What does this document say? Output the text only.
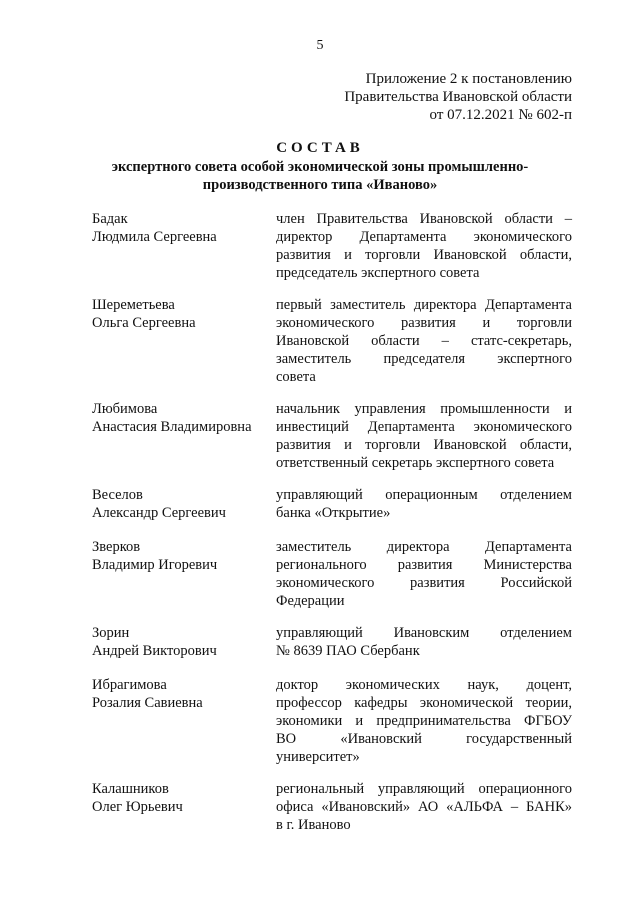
5
Приложение 2 к постановлению
Правительства Ивановской области
от 07.12.2021 № 602-п
СОСТАВ
экспертного совета особой экономической зоны промышленно-
производственного типа «Иваново»
Бадак
Людмила Сергеевна
член Правительства Ивановской области –
директор Департамента экономического
развития и торговли Ивановской области,
председатель экспертного совета
Шереметьева
Ольга Сергеевна
первый заместитель директора Департамента
экономического развития и торговли
Ивановской области – статс-секретарь,
заместитель председателя экспертного
совета
Любимова
Анастасия Владимировна
начальник управления промышленности и
инвестиций Департамента экономического
развития и торговли Ивановской области,
ответственный секретарь экспертного совета
Веселов
Александр Сергеевич
управляющий операционным отделением
банка «Открытие»
Зверков
Владимир Игоревич
заместитель директора Департамента
регионального развития Министерства
экономического развития Российской
Федерации
Зорин
Андрей Викторович
управляющий Ивановским отделением
№ 8639 ПАО Сбербанк
Ибрагимова
Розалия Савиевна
доктор экономических наук, доцент,
профессор кафедры экономической теории,
экономики и предпринимательства ФГБОУ
ВО	«Ивановский	государственный
университет»
Калашников
Олег Юрьевич
региональный управляющий операционного
офиса «Ивановский» АО «АЛЬФА – БАНК»
в г. Иваново
